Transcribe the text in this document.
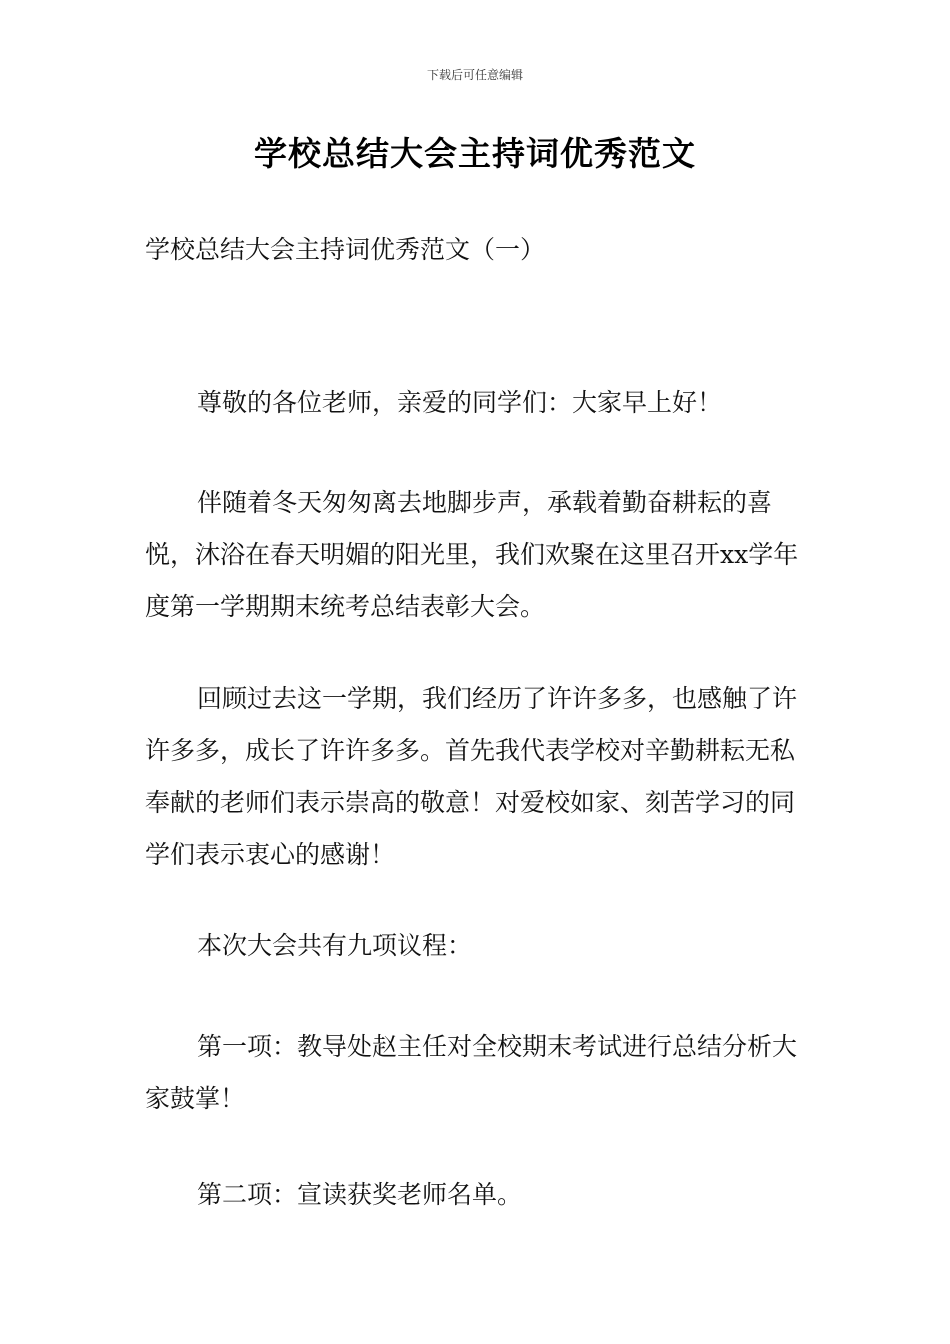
下载后可任意编辑
学校总结大会主持词优秀范文

学校总结大会主持词优秀范文（一）

尊敬的各位老师，亲爱的同学们：大家早上好！

伴随着冬天匆匆离去地脚步声，承载着勤奋耕耘的喜悦，沐浴在春天明媚的阳光里，我们欢聚在这里召开xx学年度第一学期期末统考总结表彰大会。

回顾过去这一学期，我们经历了许许多多，也感触了许许多多，成长了许许多多。首先我代表学校对辛勤耕耘无私奉献的老师们表示崇高的敬意！对爱校如家、刻苦学习的同学们表示衷心的感谢！

本次大会共有九项议程：

第一项：教导处赵主任对全校期末考试进行总结分析大家鼓掌！

第二项：宣读获奖老师名单。
